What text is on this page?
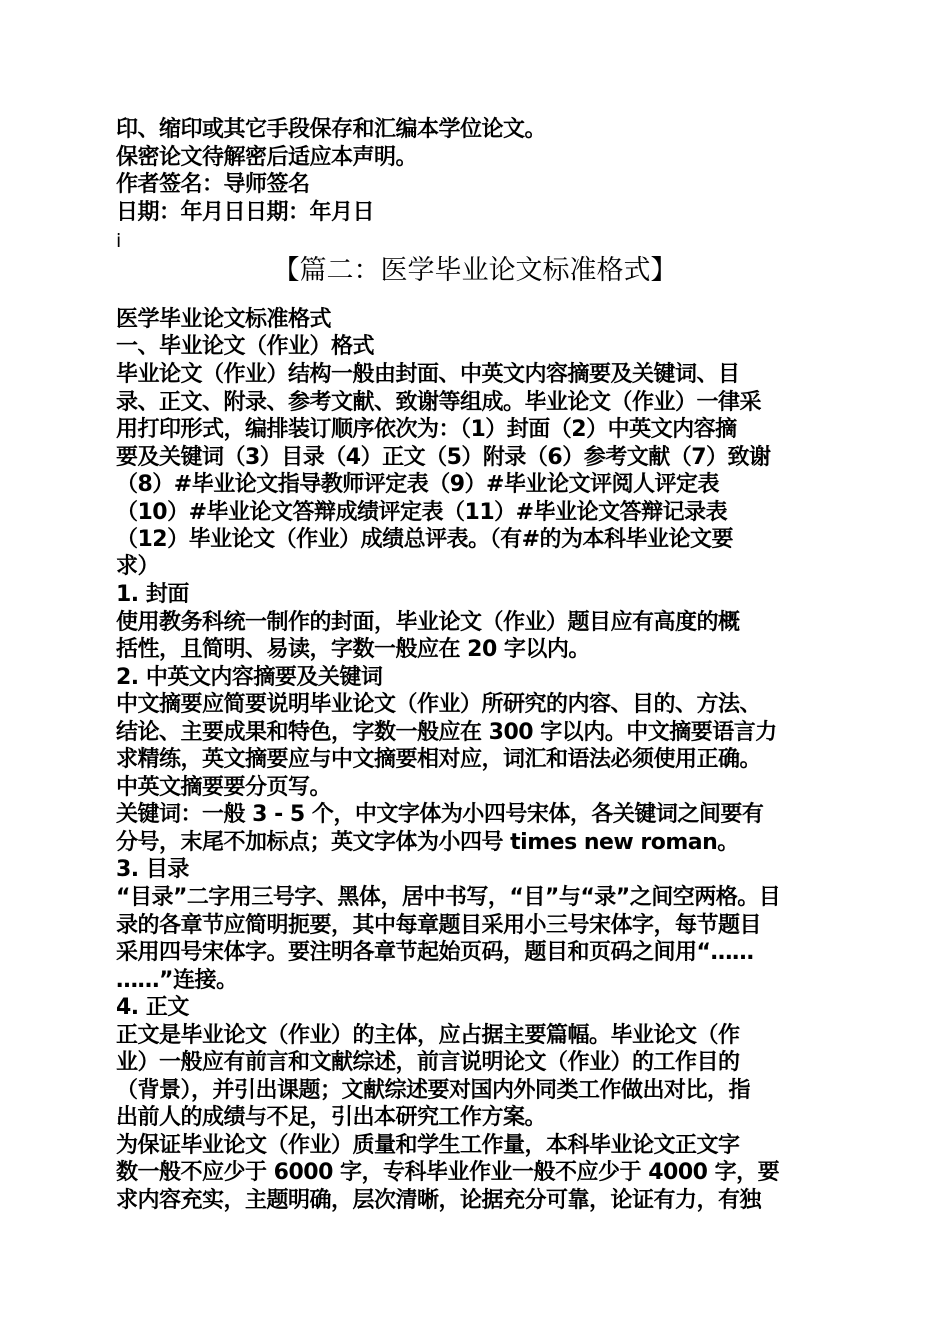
印、缩印或其它手段保存和汇编本学位论文。
保密论文待解密后适应本声明。
作者签名：导师签名
日期：年月日日期：年月日
i
【篇二：医学毕业论文标准格式】
医学毕业论文标准格式
一、毕业论文（作业）格式
毕业论文（作业）结构一般由封面、中英文内容摘要及关键词、目
录、正文、附录、参考文献、致谢等组成。毕业论文（作业）一律采
用打印形式，编排装订顺序依次为：（1）封面（2）中英文内容摘
要及关键词（3）目录（4）正文（5）附录（6）参考文献（7）致谢
（8）#毕业论文指导教师评定表（9）#毕业论文评阅人评定表
（10）#毕业论文答辩成绩评定表（11）#毕业论文答辩记录表
（12）毕业论文（作业）成绩总评表。（有#的为本科毕业论文要
求）
1. 封面
使用教务科统一制作的封面，毕业论文（作业）题目应有高度的概
括性，且简明、易读，字数一般应在 20 字以内。
2. 中英文内容摘要及关键词
中文摘要应简要说明毕业论文（作业）所研究的内容、目的、方法、
结论、主要成果和特色，字数一般应在 300 字以内。中文摘要语言力
求精练，英文摘要应与中文摘要相对应，词汇和语法必须使用正确。
中英文摘要要分页写。
关键词：一般 3 - 5 个，中文字体为小四号宋体，各关键词之间要有
分号，末尾不加标点；英文字体为小四号 times new roman。
3. 目录
“目录”二字用三号字、黑体，居中书写，“目”与“录”之间空两格。目
录的各章节应简明扼要，其中每章题目采用小三号宋体字，每节题目
采用四号宋体字。要注明各章节起始页码，题目和页码之间用“……
……”连接。
4. 正文
正文是毕业论文（作业）的主体，应占据主要篇幅。毕业论文（作
业）一般应有前言和文献综述，前言说明论文（作业）的工作目的
（背景），并引出课题；文献综述要对国内外同类工作做出对比，指
出前人的成绩与不足，引出本研究工作方案。
为保证毕业论文（作业）质量和学生工作量，本科毕业论文正文字
数一般不应少于 6000 字，专科毕业作业一般不应少于 4000 字，要
求内容充实，主题明确，层次清晰，论据充分可靠，论证有力，有独
